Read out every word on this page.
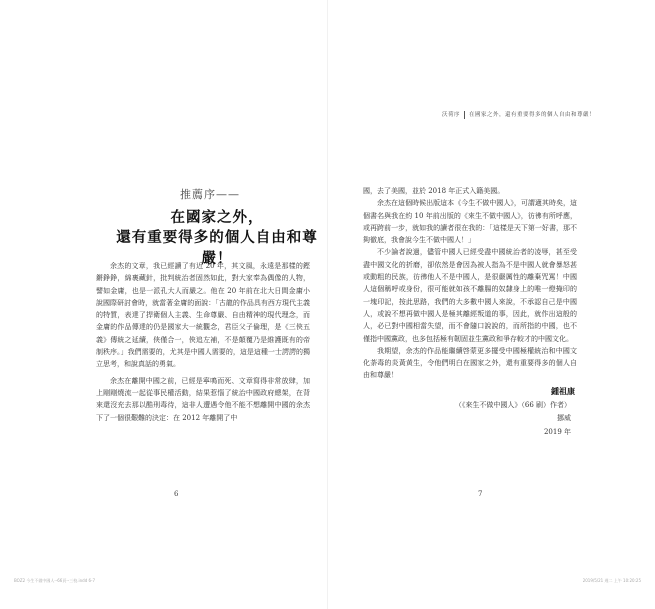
推薦序——
在國家之外，
還有重要得多的個人自由和尊嚴！

余杰的文章，我已經讀了有近 20 年，其文風，永遠是那樣的鏗鏘錚錚，綿裏藏針，批判統治者固然如此，對大家奉為偶像的人物，譬如金庸，也是一派孔大人而嚴之。他在 20 年前在北大日間金庸小說國際研討會時，就當著金庸的面說：「古龍的作品具有西方現代主義的特質，表達了捍衛個人主義、生命尊嚴、自由精神的現代理念，而金庸的作品傳達的仍是國家大一統觀念，君臣父子倫理，是《三俠五義》傳統之延續，俠僅合一，俠追左補，不是顛覆乃是維護既有的帝制秩序。」我們需要的，尤其是中國人需要的，這是這種一士諤諤的獨立思考，和說真話的勇氣。

余杰在離開中國之前，已經是寧鳴而死、文章寫得非常放肆，加上剛剛燒流一起從事民權活動，結果惹惱了統治中國政府總架，在背來還沒充去那以酷刑毒待，這非人遭遇令他不能不想離開中國的余杰下了一個很艱難的決定：在 2012 年離開了中

6
沃荷序 在國家之外，還有重要得多的個人自由和尊嚴！

國，去了美國，並於 2018 年正式入籍美國。

余杰在這個時候出版這本《今生不做中國人》，可謂適其時矣，這個書名與我在約 10 年前出版的《來生不做中國人》，彷彿有所呼應，或再跨前一步，就如我的讀者很在我的：「這樣是天下第一好書，那不夠徹底，我會說今生不做中國人！」

不少論者說過，儘管中國人已經受盡中國統治者的凌辱，甚至受盡中國文化的折磨，卻依然是會因為被人指為不是中國人就會暴怒甚或動粗的民族，彷彿他人不是中國人，是很嚴厲性的離棄咒罵！中國人這個稱呼或身份，很可能就如孩不離腸的奴隸身上的唯一燈掩印的一塊印記，按此思路，我們的大多數中國人來說，不承認自己是中國人，或說不想再做中國人是極其離經叛道的事，因此，就作出這般的人，必已對中國相當失望，而不會隨口說說的，而所指的中國，也不僅指中國黨政，也多包括極有韌固並生黨政和爭存較才的中國文化。

我期望，余杰的作品能繼續啓蒙更多擺受中國極權統治和中國文化荼毒的炎黃黄生，令他們明白在國家之外，還有重要得多的個人自由和尊嚴！

鍾祖康
（《來生不做中國人》（66 刷）作者）
挪威
2019 年
7
BOZ2 今生不做中國人--66頁--三校.indd 6-7	2019/5/21 週二 上午 10:20:25
